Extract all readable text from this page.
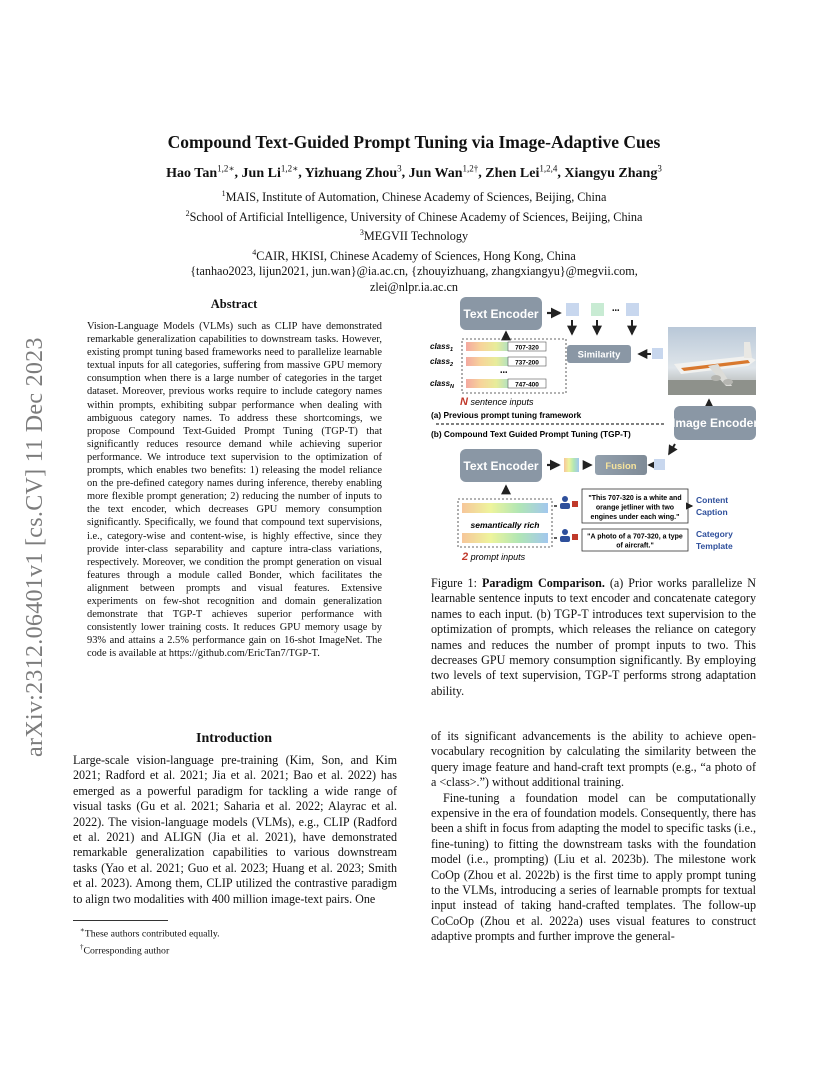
arXiv:2312.06401v1 [cs.CV] 11 Dec 2023
Compound Text-Guided Prompt Tuning via Image-Adaptive Cues
Hao Tan$^{1,2∗}$, Jun $Li^{1,2∗}$, Yizhuang Zhou$^3$, Jun Wan$^{1,2\dagger}$, Zhen Lei$^{1,2,4}$, Xiangyu Zhang$^3$
$^1$MAIS, Institute of Automation, Chinese Academy of Sciences, Beijing, China
$^2$School of Artificial Intelligence, University of Chinese Academy of Sciences, Beijing, China
$^3$MEGVII Technology
$^4$CAIR, HKISI, Chinese Academy of Sciences, Hong Kong, China
{tanhao2023, lijun2021, jun.wan}@ia.ac.cn, {zhouyizhuang, zhangxiangyu}@megvii.com,
zlei@nlpr.ia.ac.cn
Abstract
Vision-Language Models (VLMs) such as CLIP have demonstrated remarkable generalization capabilities to downstream tasks. However, existing prompt tuning based frameworks need to parallelize learnable textual inputs for all categories, suffering from massive GPU memory consumption when there is a large number of categories in the target dataset. Moreover, previous works require to include category names within prompts, exhibiting subpar performance when dealing with ambiguous category names. To address these shortcomings, we propose Compound Text-Guided Prompt Tuning (TGP-T) that significantly reduces resource demand while achieving superior performance. We introduce text supervision to the optimization of prompts, which enables two benefits: 1) releasing the model reliance on the pre-defined category names during inference, thereby enabling more flexible prompt generation; 2) reducing the number of inputs to the text encoder, which decreases GPU memory consumption significantly. Specifically, we found that compound text supervisions, i.e., category-wise and content-wise, is highly effective, since they provide inter-class separability and capture intra-class variations, respectively. Moreover, we condition the prompt generation on visual features through a module called Bonder, which facilitates the alignment between prompts and visual features. Extensive experiments on few-shot recognition and domain generalization demonstrate that TGP-T achieves superior performance with consistently lower training costs. It reduces GPU memory usage by 93% and attains a 2.5% performance gain on 16-shot ImageNet. The code is available at https://github.com/EricTan7/TGP-T.
Introduction
Large-scale vision-language pre-training (Kim, Son, and Kim 2021; Radford et al. 2021; Jia et al. 2021; Bao et al. 2022) has emerged as a powerful paradigm for tackling a wide range of visual tasks (Gu et al. 2021; Saharia et al. 2022; Alayrac et al. 2022). The vision-language models (VLMs), e.g., CLIP (Radford et al. 2021) and ALIGN (Jia et al. 2021), have demonstrated remarkable generalization capabilities to various downstream tasks (Yao et al. 2021; Guo et al. 2023; Huang et al. 2023; Smith et al. 2023). Among them, CLIP utilized the contrastive paradigm to align two modalities with 400 million image-text pairs. One
∗These authors contributed equally.
†Corresponding author
Text Encoder	...
class$_1$	707-320
class$_2$	737-200
...
class$_N$	747-400
N sentence inputs
Similarity
Image Encoder
(a) Previous prompt tuning framework
(b) Compound Text Guided Prompt Tuning (TGP-T)
Text Encoder	Fusion
semantically rich
2 prompt inputs
"This 707-320 is a white and
orange jetliner with two
engines under each wing."
"A photo of a 707-320, a type
of aircraft."
Content
Caption
Category
Template
Figure 1: Paradigm Comparison. (a) Prior works parallelize N learnable sentence inputs to text encoder and concatenate category names to each input. (b) TGP-T introduces text supervision to the optimization of prompts, which releases the reliance on category names and reduces the number of prompt inputs to two. This decreases GPU memory consumption significantly. By employing two levels of text supervision, TGP-T performs strong adaptation ability.

of its significant advancements is the ability to achieve open-vocabulary recognition by calculating the similarity between the query image feature and hand-craft text prompts (e.g., “a photo of a <class>.”) without additional training.

Fine-tuning a foundation model can be computationally expensive in the era of foundation models. Consequently, there has been a shift in focus from adapting the model to specific tasks (i.e., fine-tuning) to fitting the downstream tasks with the foundation model (i.e., prompting) (Liu et al. 2023b). The milestone work CoOp (Zhou et al. 2022b) is the first time to apply prompt tuning to the VLMs, introducing a series of learnable prompts for textual input instead of taking hand-crafted templates. The follow-up CoCoOp (Zhou et al. 2022a) uses visual features to construct adaptive prompts and further improve the general-
